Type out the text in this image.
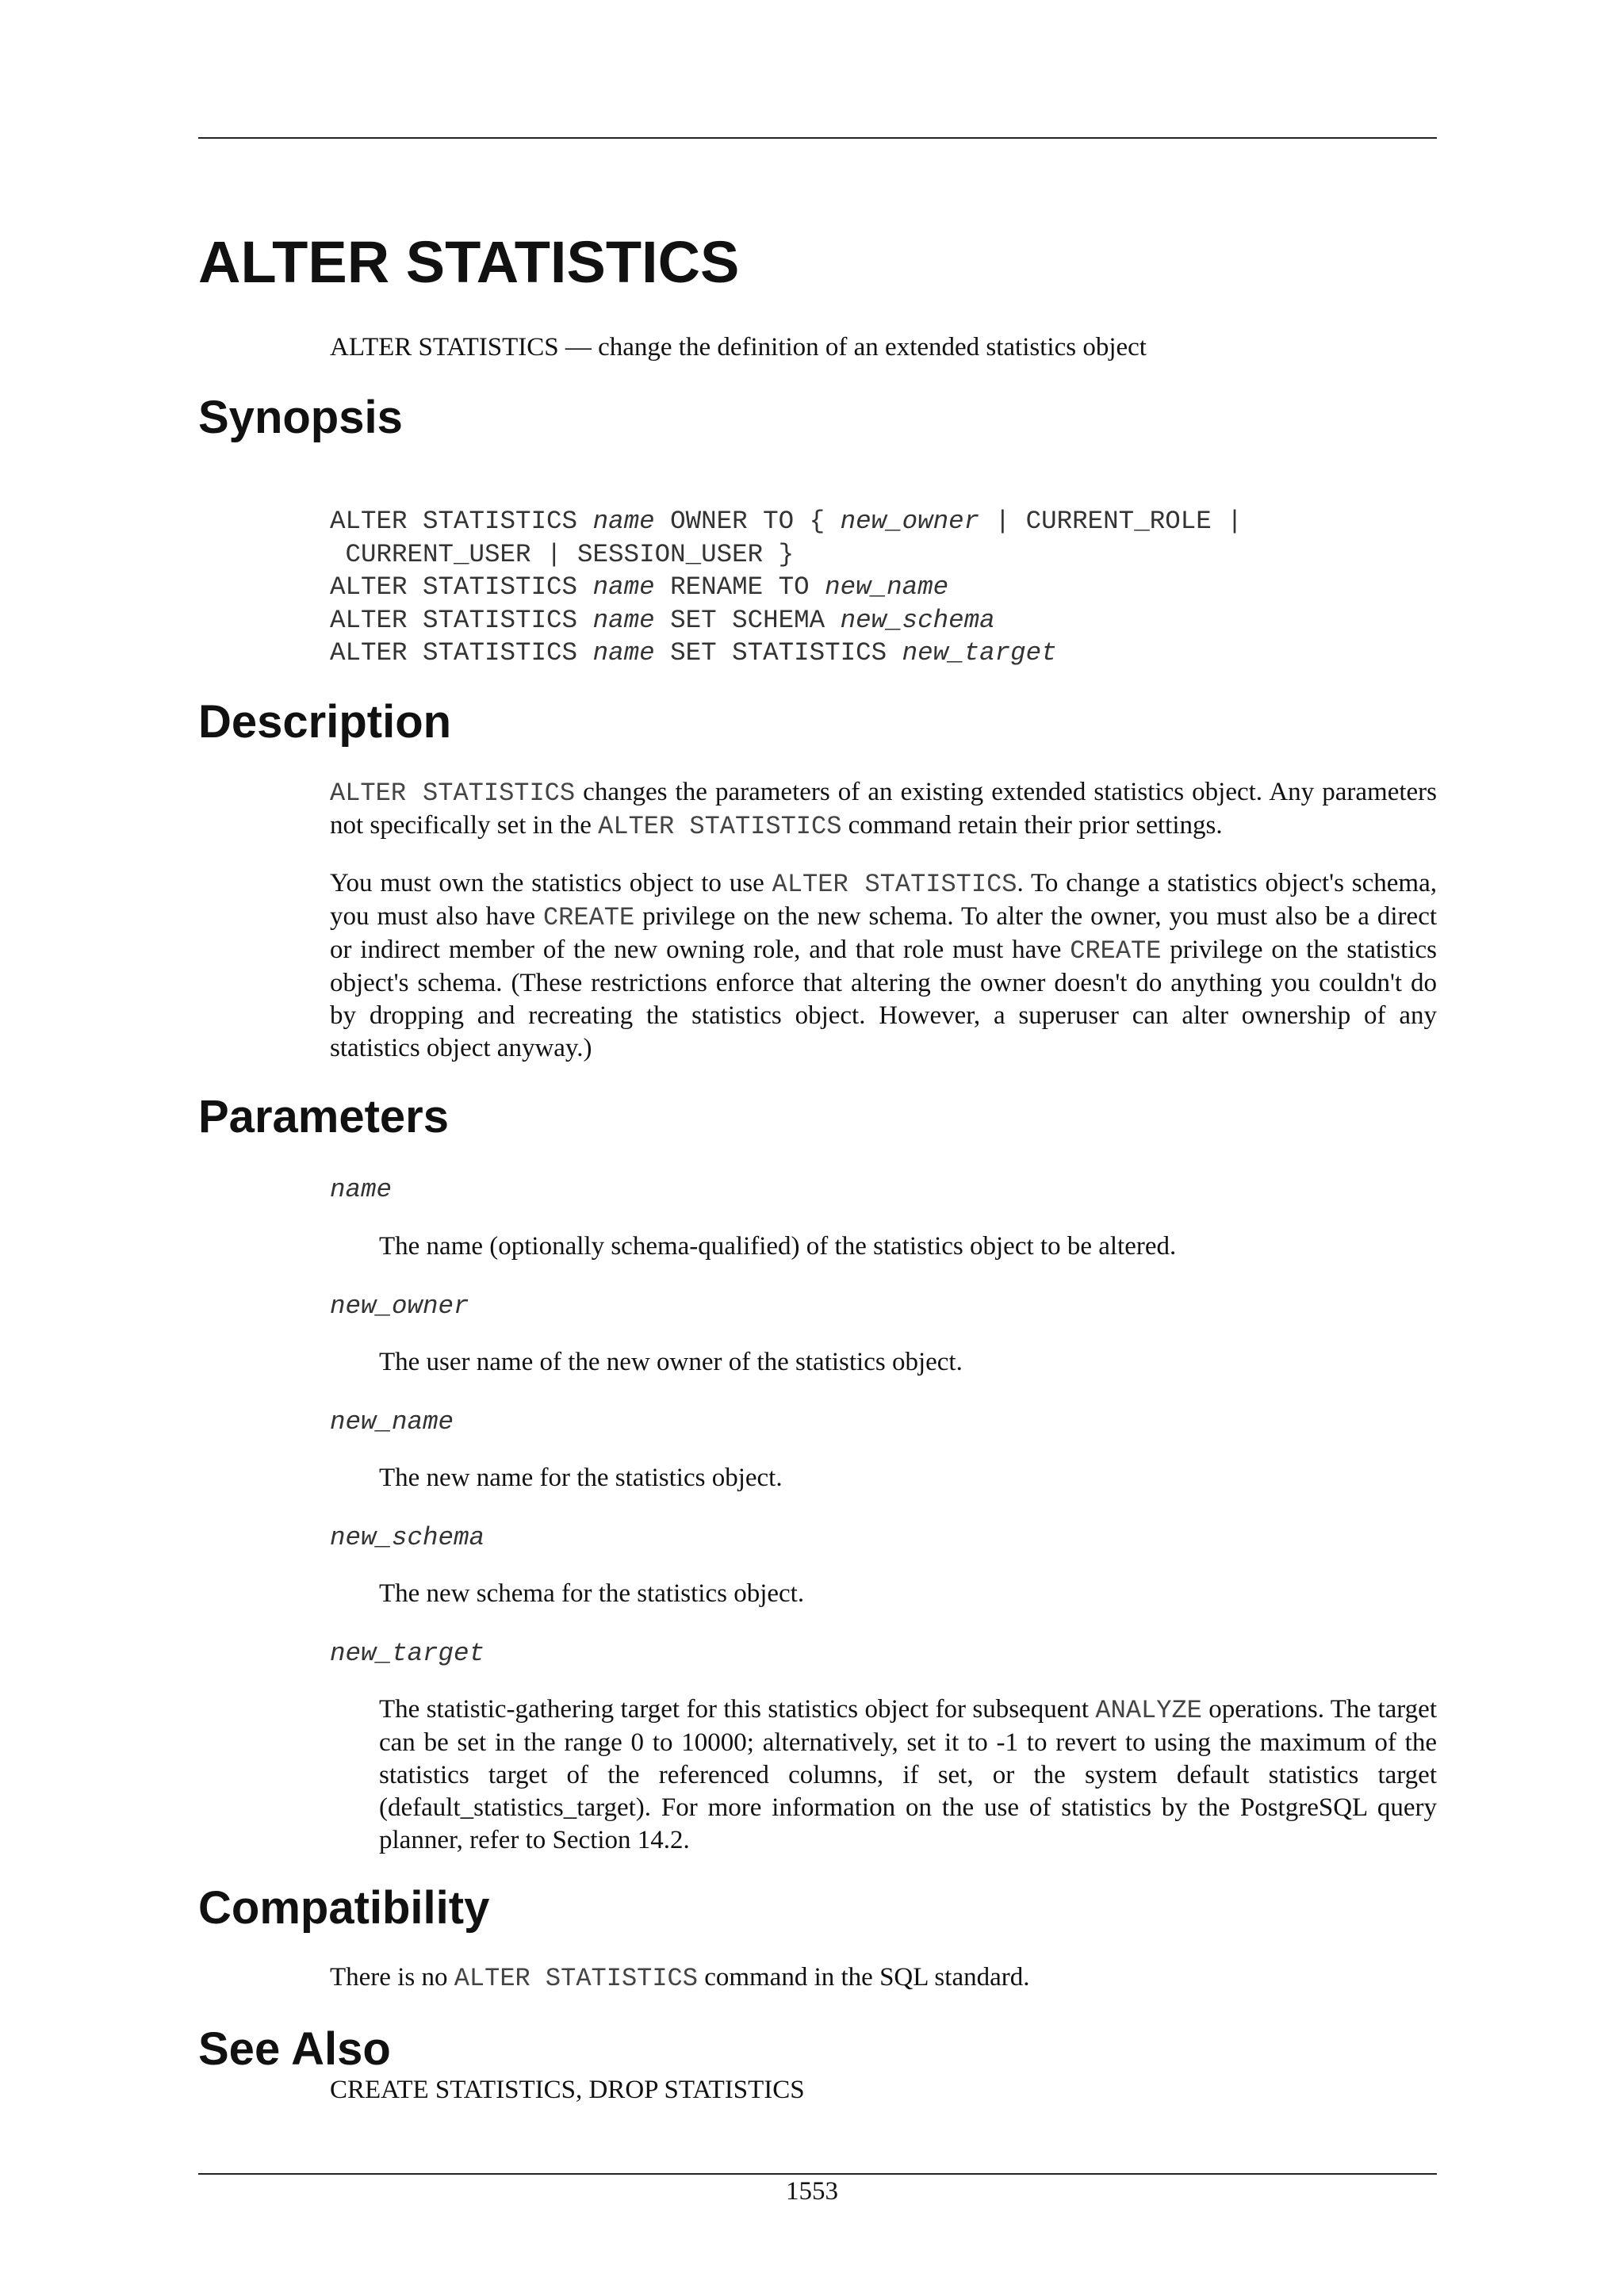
ALTER STATISTICS

ALTER STATISTICS — change the definition of an extended statistics object

Synopsis
ALTER STATISTICS name OWNER TO { new_owner | CURRENT_ROLE |
CURRENT_USER | SESSION_USER }
ALTER STATISTICS name RENAME TO new_name
ALTER STATISTICS name SET SCHEMA new_schema
ALTER STATISTICS name SET STATISTICS new_target
Description

ALTER STATISTICS changes the parameters of an existing extended statistics object. Any parameters not specifically set in the ALTER STATISTICS command retain their prior settings.

You must own the statistics object to use ALTER STATISTICS. To change a statistics object's schema, you must also have CREATE privilege on the new schema. To alter the owner, you must also be a direct or indirect member of the new owning role, and that role must have CREATE privilege on the statistics object's schema. (These restrictions enforce that altering the owner doesn't do anything you couldn't do by dropping and recreating the statistics object. However, a superuser can alter ownership of any statistics object anyway.)

Parameters
name

The name (optionally schema-qualified) of the statistics object to be altered.

new_owner

The user name of the new owner of the statistics object.

new_name

The new name for the statistics object.

new_schema

The new schema for the statistics object.

new_target

The statistic-gathering target for this statistics object for subsequent ANALYZE operations. The target can be set in the range 0 to 10000; alternatively, set it to -1 to revert to using the maximum of the statistics target of the referenced columns, if set, or the system default statistics target (default_statistics_target). For more information on the use of statistics by the PostgreSQL query planner, refer to Section 14.2.

Compatibility

There is no ALTER STATISTICS command in the SQL standard.

See Also

CREATE STATISTICS, DROP STATISTICS

1553
